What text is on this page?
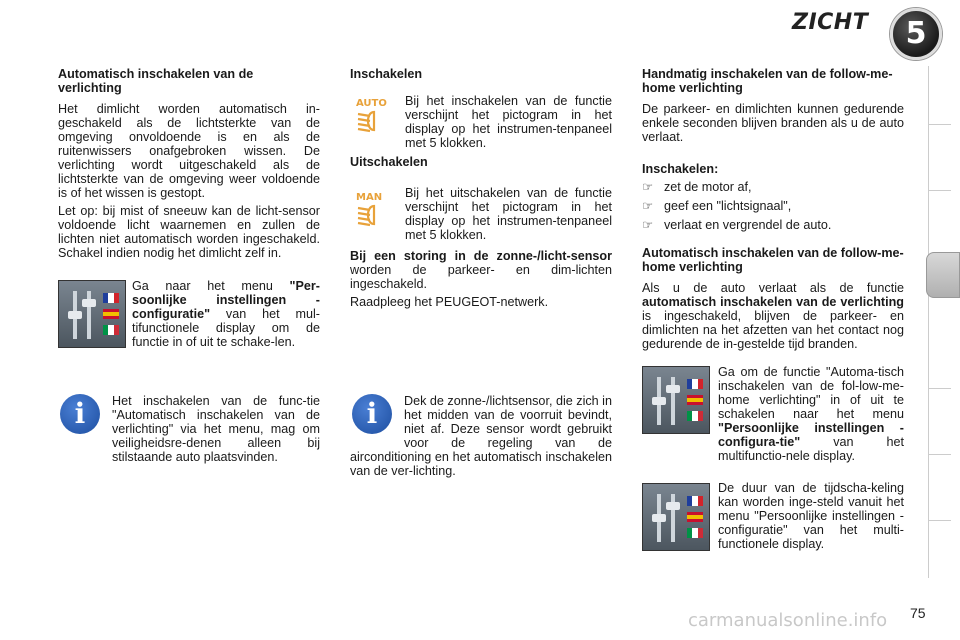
ZICHT	5

Automatisch inschakelen van de verlichting

Het dimlicht worden automatisch in-geschakeld als de lichtsterkte van de omgeving onvoldoende is en als de ruitenwissers onafgebroken wissen. De verlichting wordt uitgeschakeld als de lichtsterkte van de omgeving weer voldoende is of het wissen is gestopt.

Let op: bij mist of sneeuw kan de licht-sensor voldoende licht waarnemen en zullen de lichten niet automatisch worden ingeschakeld. Schakel indien nodig het dimlicht zelf in.

Ga naar het menu "Per-soonlijke instellingen - configuratie" van het mul-tifunctionele display om de functie in of uit te schake-len.
i	Het inschakelen van de func-tie "Automatisch inschakelen van de verlichting" via het menu, mag om veiligheidsre-denen alleen bij stilstaande auto plaatsvinden.

Inschakelen

AUTO Bij het inschakelen van de functie verschijnt het pictogram in het display op het instrumen-tenpaneel met 5 klokken.

Uitschakelen

MAN Bij het uitschakelen van de functie verschijnt het pictogram in het display op het instrumen-tenpaneel met 5 klokken.

Bij een storing in de zonne-/licht-sensor worden de parkeer- en dim-lichten ingeschakeld.

Raadpleeg het PEUGEOT-netwerk.

i	Dek de zonne-/lichtsensor, die zich in het midden van de voorruit bevindt, niet af. Deze sensor wordt gebruikt voor de regeling van de airconditioning en het automatisch inschakelen van de ver-lichting.

Handmatig inschakelen van de follow-me-home verlichting

De parkeer- en dimlichten kunnen gedurende enkele seconden blijven branden als u de auto verlaat.

Inschakelen:

☞ zet de motor af,
☞ geef een "lichtsignaal",
☞ verlaat en vergrendel de auto.

Automatisch inschakelen van de follow-me-home verlichting

Als u de auto verlaat als de functie automatisch inschakelen van de verlichting is ingeschakeld, blijven de parkeer- en dimlichten na het afzetten van het contact nog gedurende de in-gestelde tijd branden.

Ga om de functie "Automa-tisch inschakelen van de fol-low-me-home verlichting" in of uit te schakelen naar het menu "Persoonlijke instellingen - configura-tie" van het multifunctio-nele display.
De duur van de tijdscha-keling kan worden inge-steld vanuit het menu "Persoonlijke instellingen - configuratie" van het multi-functionele display.
75
carmanualsonline.info
